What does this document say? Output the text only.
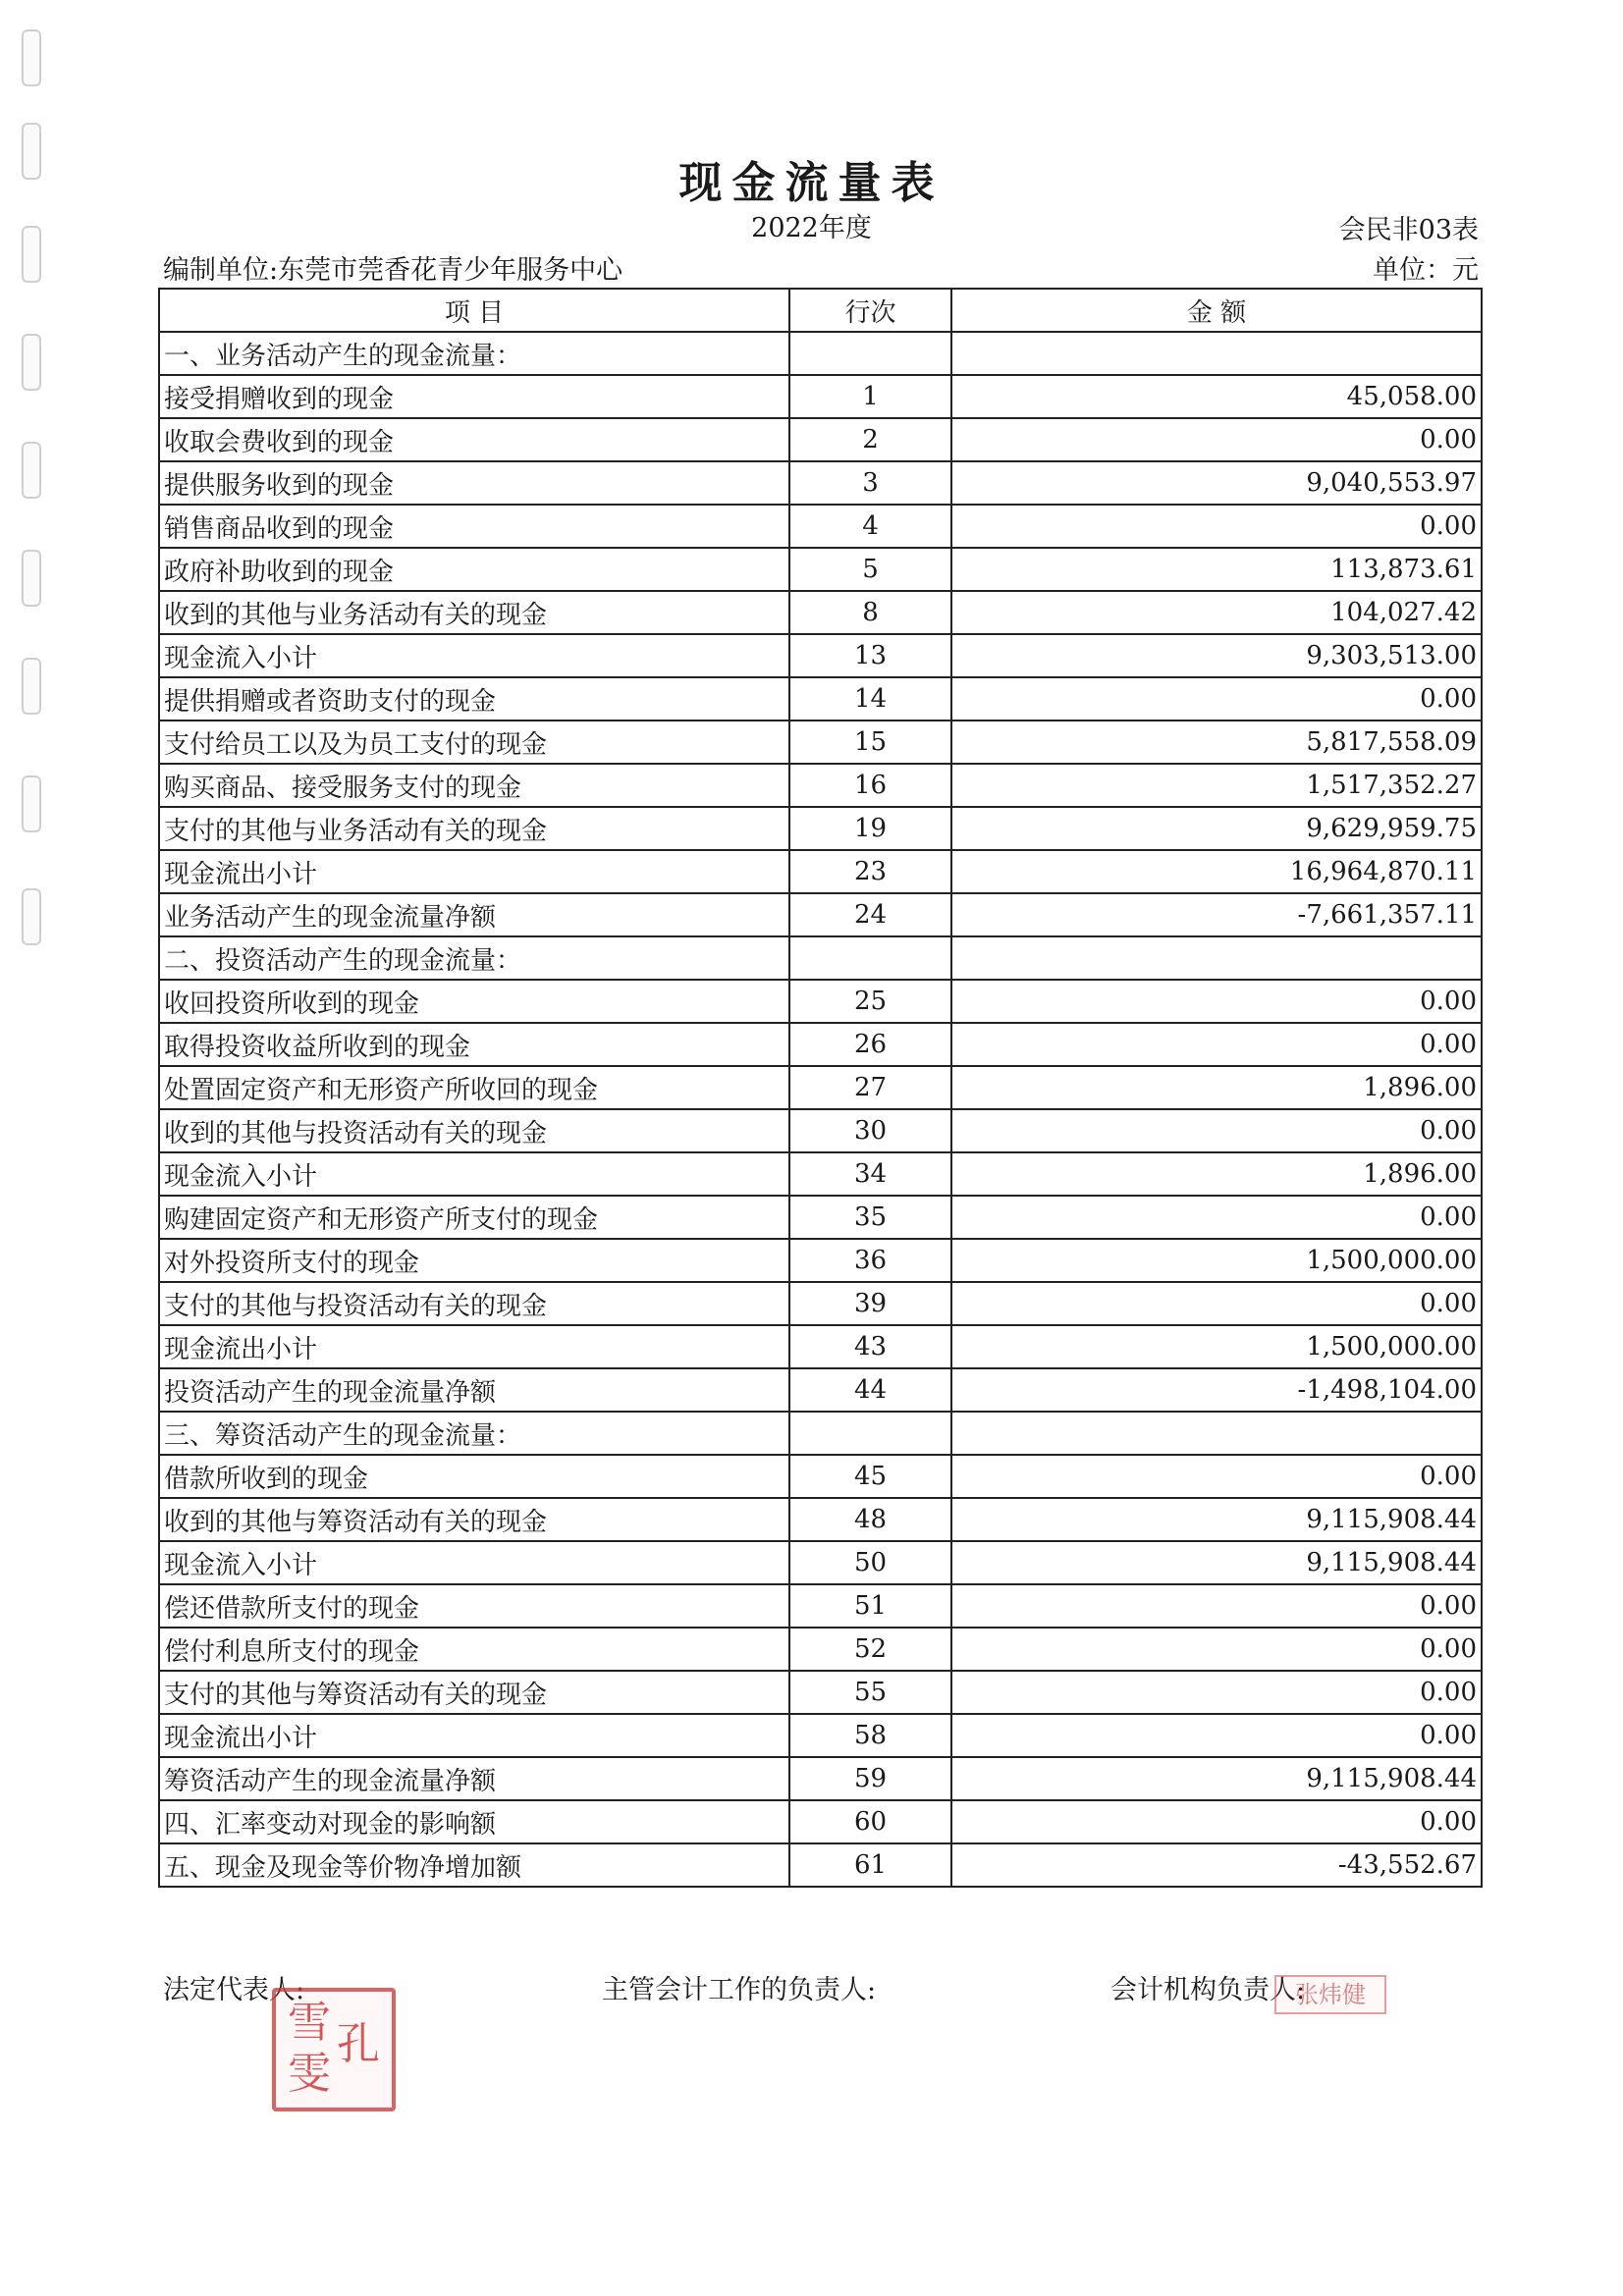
现金流量表
2022年度	会民非03表
编制单位:东莞市莞香花青少年服务中心	单位：元
项 目	行次	金 额
一、业务活动产生的现金流量：		
接受捐赠收到的现金	1	45,058.00
收取会费收到的现金	2	0.00
提供服务收到的现金	3	9,040,553.97
销售商品收到的现金	4	0.00
政府补助收到的现金	5	113,873.61
收到的其他与业务活动有关的现金	8	104,027.42
现金流入小计	13	9,303,513.00
提供捐赠或者资助支付的现金	14	0.00
支付给员工以及为员工支付的现金	15	5,817,558.09
购买商品、接受服务支付的现金	16	1,517,352.27
支付的其他与业务活动有关的现金	19	9,629,959.75
现金流出小计	23	16,964,870.11
业务活动产生的现金流量净额	24	-7,661,357.11
二、投资活动产生的现金流量：		
收回投资所收到的现金	25	0.00
取得投资收益所收到的现金	26	0.00
处置固定资产和无形资产所收回的现金	27	1,896.00
收到的其他与投资活动有关的现金	30	0.00
现金流入小计	34	1,896.00
购建固定资产和无形资产所支付的现金	35	0.00
对外投资所支付的现金	36	1,500,000.00
支付的其他与投资活动有关的现金	39	0.00
现金流出小计	43	1,500,000.00
投资活动产生的现金流量净额	44	-1,498,104.00
三、筹资活动产生的现金流量：		
借款所收到的现金	45	0.00
收到的其他与筹资活动有关的现金	48	9,115,908.44
现金流入小计	50	9,115,908.44
偿还借款所支付的现金	51	0.00
偿付利息所支付的现金	52	0.00
支付的其他与筹资活动有关的现金	55	0.00
现金流出小计	58	0.00
筹资活动产生的现金流量净额	59	9,115,908.44
四、汇率变动对现金的影响额	60	0.00
五、现金及现金等价物净增加额	61	-43,552.67
法定代表人:	主管会计工作的负责人:	会计机构负责人:
雪
雯
孔
张炜健
